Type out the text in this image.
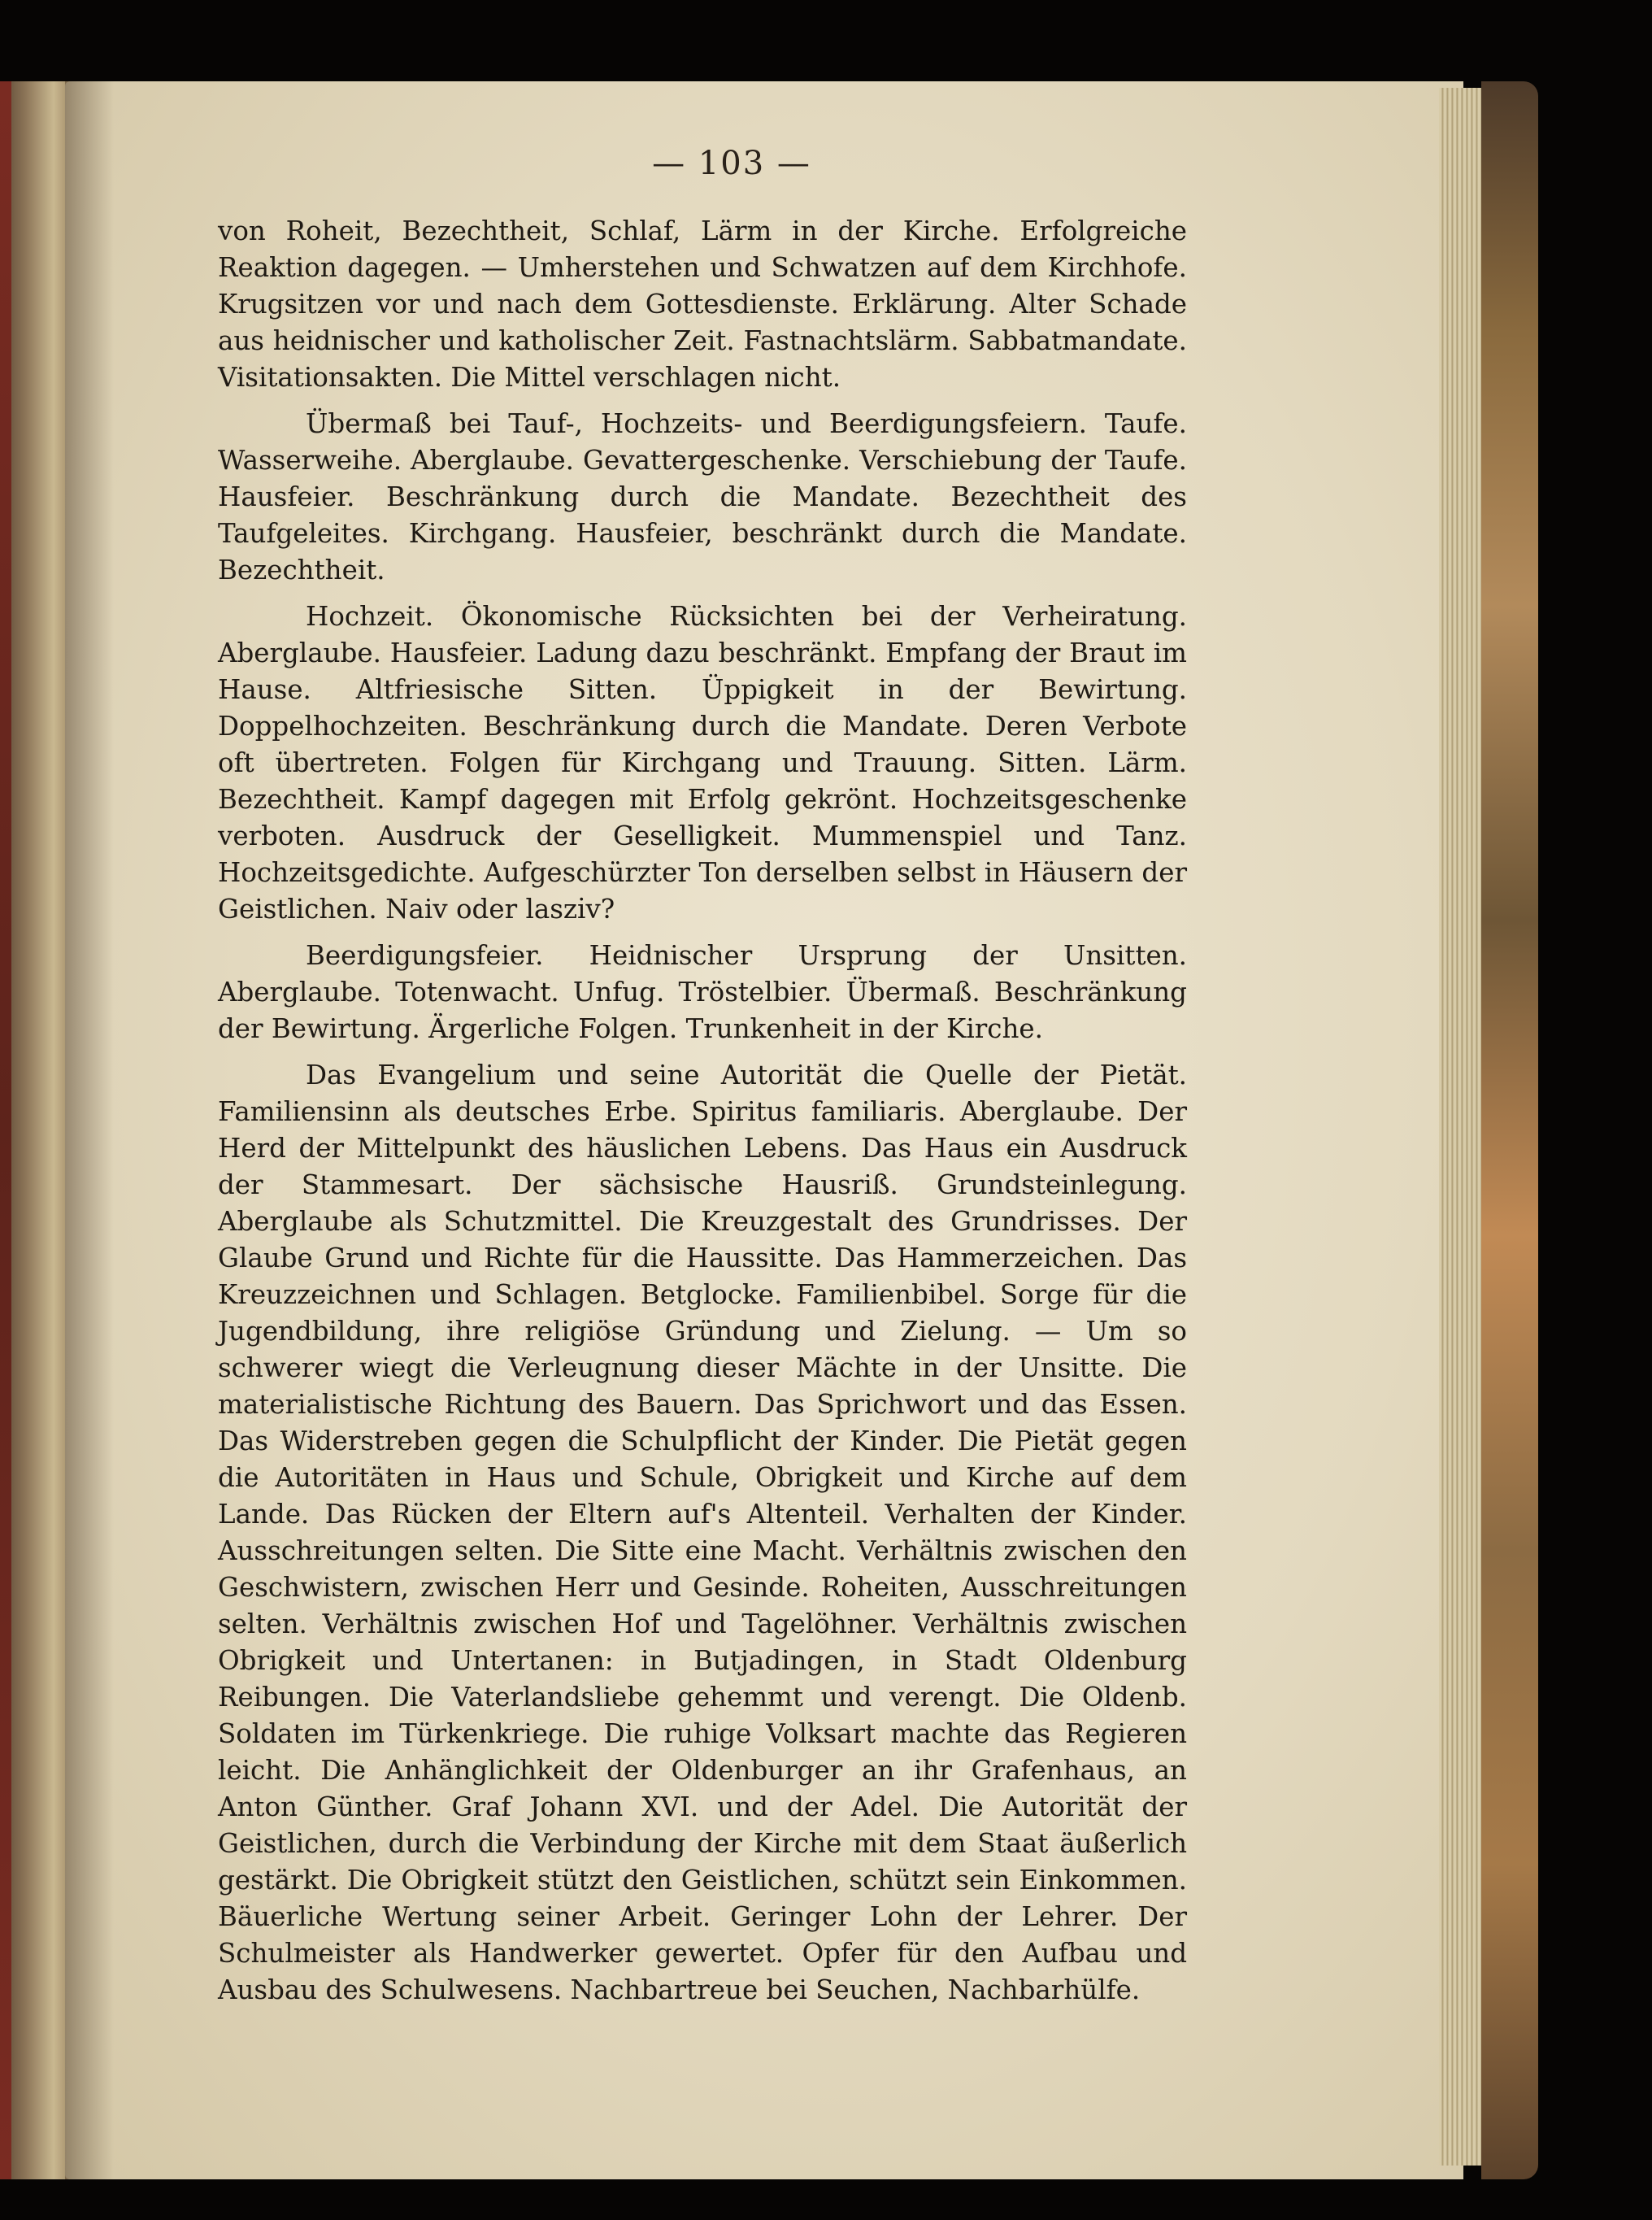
— 103 —

von Roheit, Bezechtheit, Schlaf, Lärm in der Kirche. Erfolgreiche Reaktion dagegen. — Umherstehen und Schwatzen auf dem Kirchhofe. Krugsitzen vor und nach dem Gottesdienste. Erklärung. Alter Schade aus heidnischer und katholischer Zeit. Fastnachtslärm. Sabbatmandate. Visitationsakten. Die Mittel verschlagen nicht.

Übermaß bei Tauf-, Hochzeits- und Beerdigungsfeiern. Taufe. Wasserweihe. Aberglaube. Gevattergeschenke. Verschiebung der Taufe. Hausfeier. Beschränkung durch die Mandate. Bezechtheit des Taufgeleites. Kirchgang. Hausfeier, beschränkt durch die Mandate. Bezechtheit.

Hochzeit. Ökonomische Rücksichten bei der Verheiratung. Aberglaube. Hausfeier. Ladung dazu beschränkt. Empfang der Braut im Hause. Altfriesische Sitten. Üppigkeit in der Bewirtung. Doppelhochzeiten. Beschränkung durch die Mandate. Deren Verbote oft übertreten. Folgen für Kirchgang und Trauung. Sitten. Lärm. Bezechtheit. Kampf dagegen mit Erfolg gekrönt. Hochzeitsgeschenke verboten. Ausdruck der Geselligkeit. Mummenspiel und Tanz. Hochzeitsgedichte. Aufgeschürzter Ton derselben selbst in Häusern der Geistlichen. Naiv oder laszi̇v?

Beerdigungsfeier. Heidnischer Ursprung der Unsitten. Aberglaube. Totenwacht. Unfug. Tröstelbier. Übermaß. Beschränkung der Bewirtung. Ärgerliche Folgen. Trunkenheit in der Kirche.

Das Evangelium und seine Autorität die Quelle der Pietät. Familiensinn als deutsches Erbe. Spiritus familiaris. Aberglaube. Der Herd der Mittelpunkt des häuslichen Lebens. Das Haus ein Ausdruck der Stammesart. Der sächsische Hausriß. Grundsteinlegung. Aberglaube als Schutzmittel. Die Kreuzgestalt des Grundrisses. Der Glaube Grund und Richte für die Haussitte. Das Hammerzeichen. Das Kreuzzeichnen und Schlagen. Betglocke. Familienbibel. Sorge für die Jugendbildung, ihre religiöse Gründung und Zielung. — Um so schwerer wiegt die Verleugnung dieser Mächte in der Unsitte. Die materialistische Richtung des Bauern. Das Sprichwort und das Essen. Das Widerstreben gegen die Schulpflicht der Kinder. Die Pietät gegen die Autoritäten in Haus und Schule, Obrigkeit und Kirche auf dem Lande. Das Rücken der Eltern auf's Altenteil. Verhalten der Kinder. Ausschreitungen selten. Die Sitte eine Macht. Verhältnis zwischen den Geschwistern, zwischen Herr und Gesinde. Roheiten, Ausschreitungen selten. Verhältnis zwischen Hof und Tagelöhner. Verhältnis zwischen Obrigkeit und Untertanen: in Butjadingen, in Stadt Oldenburg Reibungen. Die Vaterlandsliebe gehemmt und verengt. Die Oldenb. Soldaten im Türkenkriege. Die ruhige Volksart machte das Regieren leicht. Die Anhänglichkeit der Oldenburger an ihr Grafenhaus, an Anton Günther. Graf Johann XVI. und der Adel. Die Autorität der Geistlichen, durch die Verbindung der Kirche mit dem Staat äußerlich gestärkt. Die Obrigkeit stützt den Geistlichen, schützt sein Einkommen. Bäuerliche Wertung seiner Arbeit. Geringer Lohn der Lehrer. Der Schulmeister als Handwerker gewertet. Opfer für den Aufbau und Ausbau des Schulwesens. Nachbartreue bei Seuchen, Nachbarhülfe.
